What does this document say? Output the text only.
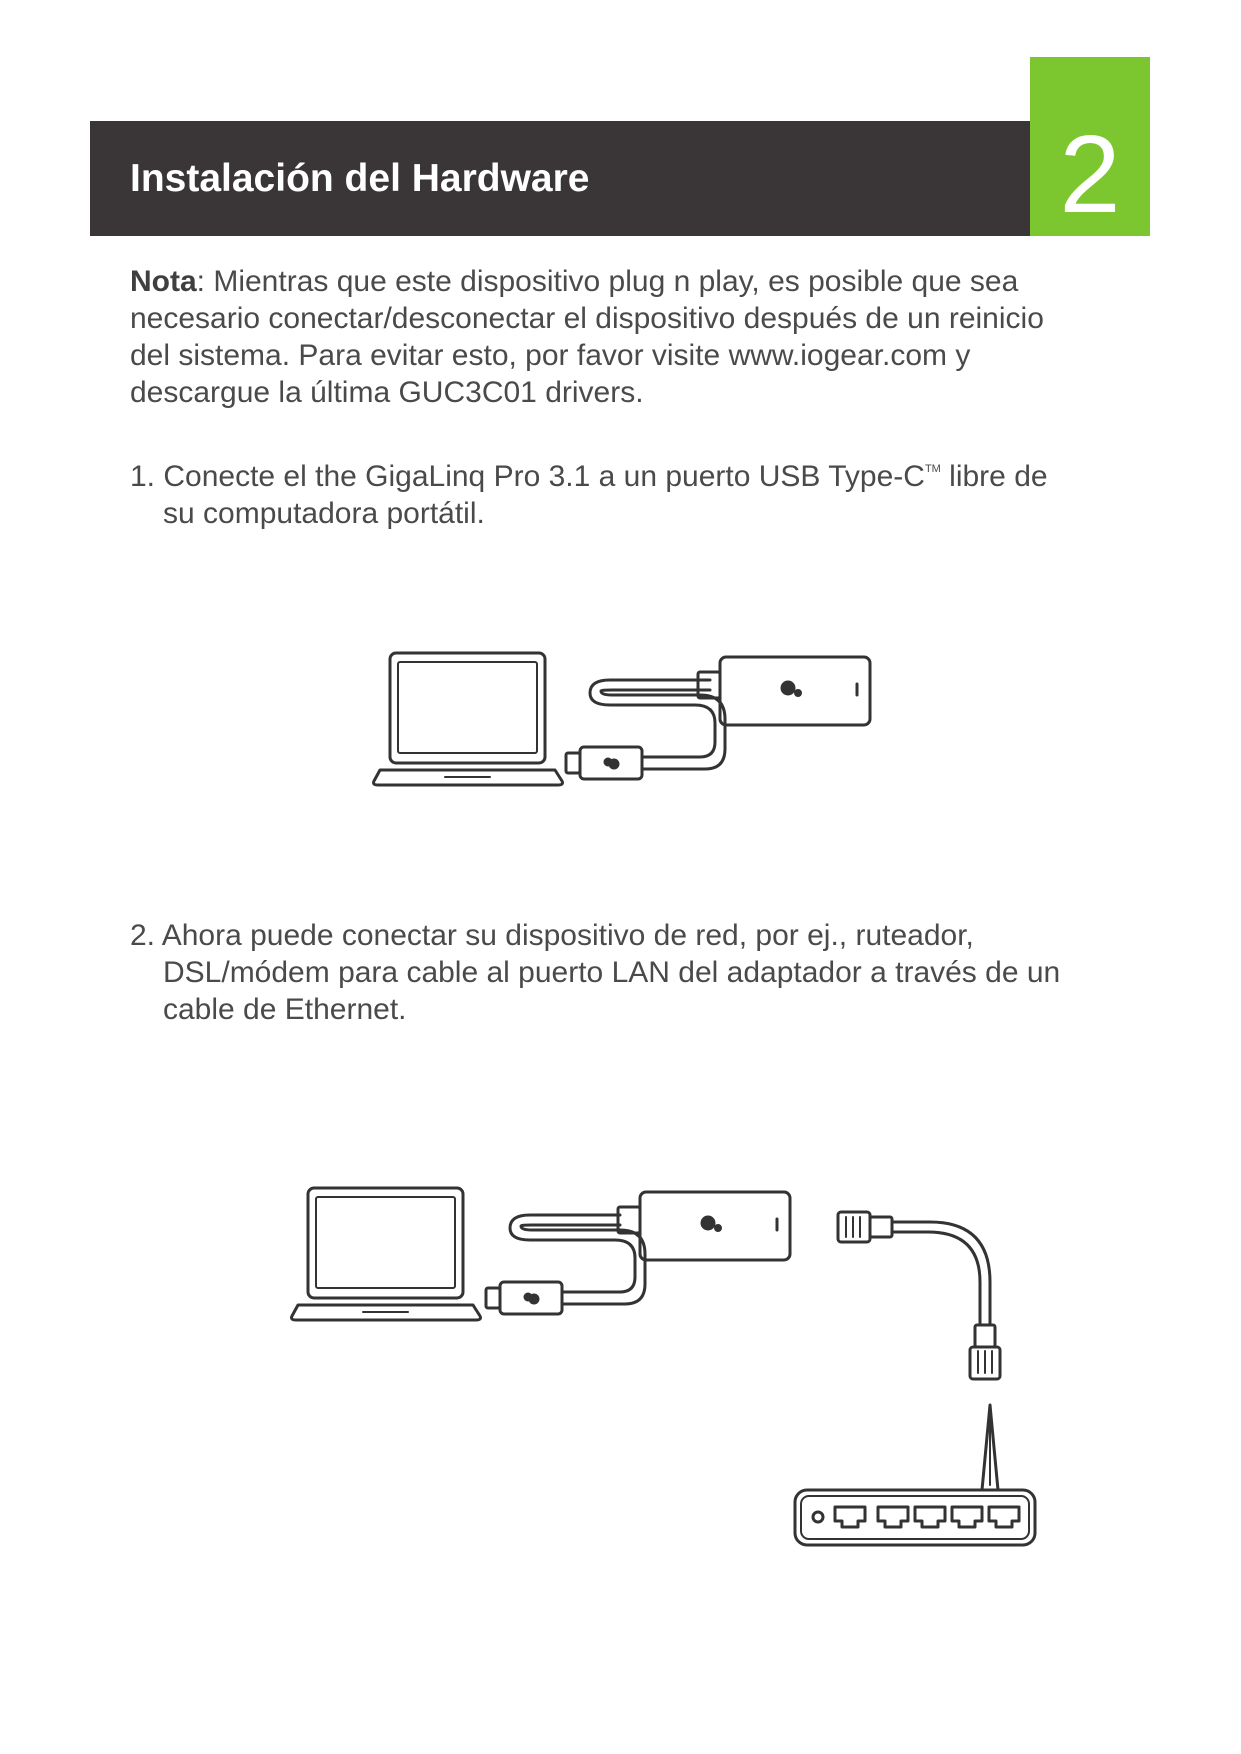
Instalación del Hardware	2
Nota: Mientras que este dispositivo plug n play, es posible que sea
necesario conectar/desconectar el dispositivo después de un reinicio
del sistema. Para evitar esto, por favor visite www.iogear.com y
descargue la última GUC3C01 drivers.
1. Conecte el the GigaLinq Pro 3.1 a un puerto USB Type-C™ libre de
su computadora portátil.
2. Ahora puede conectar su dispositivo de red, por ej., ruteador,
DSL/módem para cable al puerto LAN del adaptador a través de un
cable de Ethernet.
